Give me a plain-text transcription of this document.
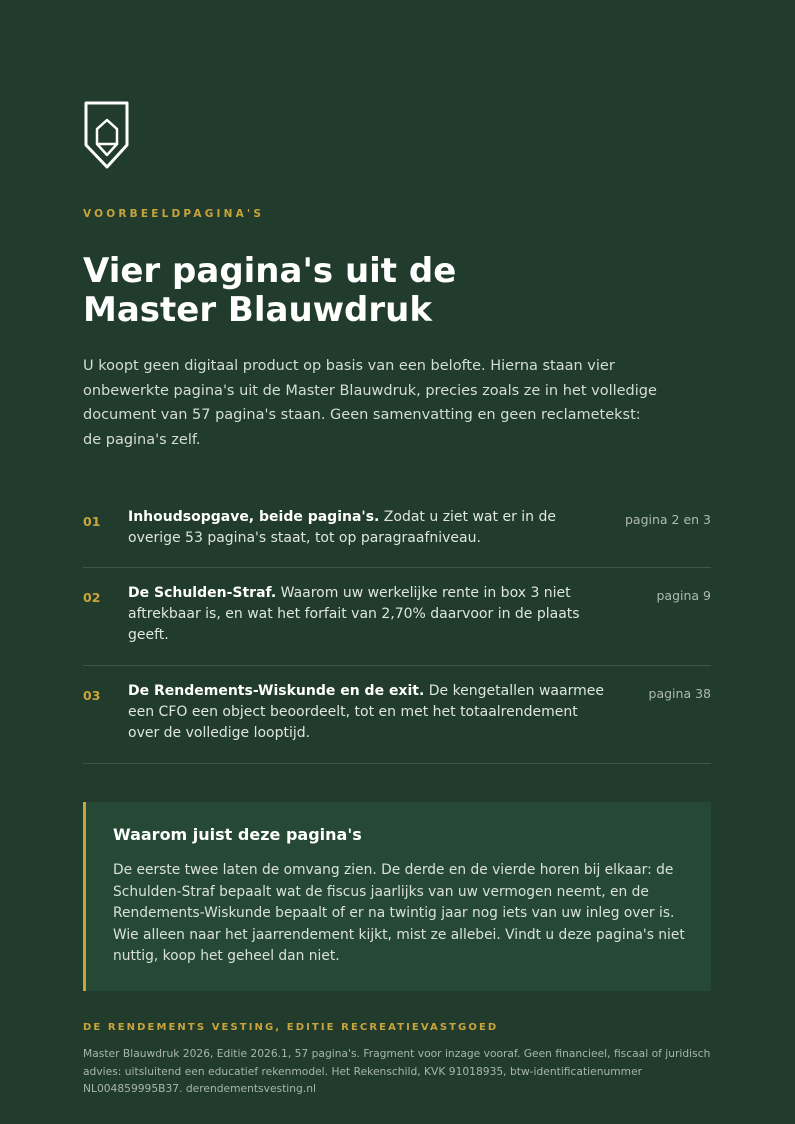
VOORBEELDPAGINA'S
Vier pagina's uit de
Master Blauwdruk

U koopt geen digitaal product op basis van een belofte. Hierna staan vier onbewerkte pagina's uit de Master Blauwdruk, precies zoals ze in het volledige document van 57 pagina's staan. Geen samenvatting en geen reclametekst: de pagina's zelf.

01 Inhoudsopgave, beide pagina's. Zodat u ziet wat er in de overige 53 pagina's staat, tot op paragraafniveau.
pagina 2 en 3
02 De Schulden-Straf. Waarom uw werkelijke rente in box 3 niet aftrekbaar is, en wat het forfait van 2,70% daarvoor in de plaats geeft.
pagina 9
03 De Rendements-Wiskunde en de exit. De kengetallen waarmee een CFO een object beoordeelt, tot en met het totaalrendement over de volledige looptijd.
pagina 38
Waarom juist deze pagina's

De eerste twee laten de omvang zien. De derde en de vierde horen bij elkaar: de Schulden-Straf bepaalt wat de fiscus jaarlijks van uw vermogen neemt, en de Rendements-Wiskunde bepaalt of er na twintig jaar nog iets van uw inleg over is. Wie alleen naar het jaarrendement kijkt, mist ze allebei. Vindt u deze pagina's niet nuttig, koop het geheel dan niet.

DE RENDEMENTS VESTING, EDITIE RECREATIEVASTGOED

Master Blauwdruk 2026, Editie 2026.1, 57 pagina's. Fragment voor inzage vooraf. Geen financieel, fiscaal of juridisch advies: uitsluitend een educatief rekenmodel. Het Rekenschild, KVK 91018935, btw-identificatienummer NL004859995B37. derendementsvesting.nl
